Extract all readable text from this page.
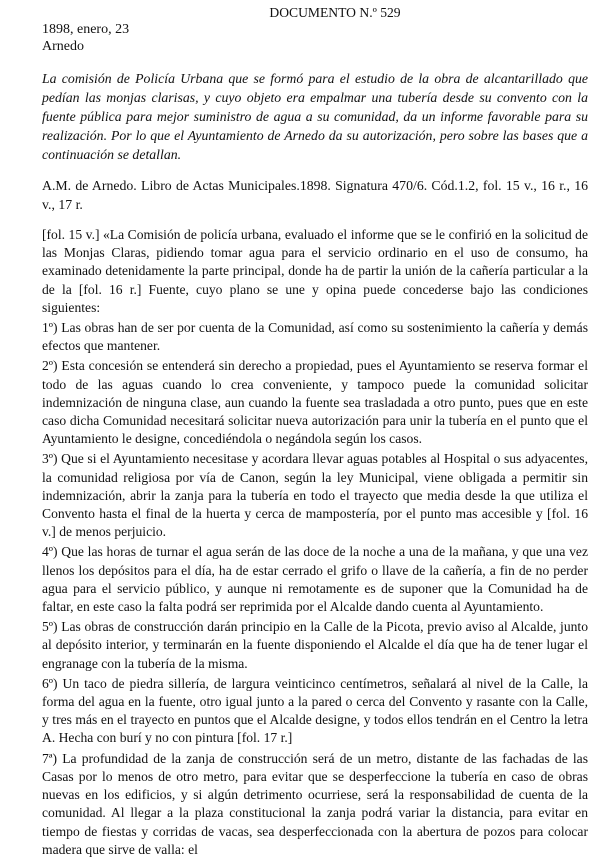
DOCUMENTO N.º 529

1898, enero, 23

Arnedo

La comisión de Policía Urbana que se formó para el estudio de la obra de alcantarillado que pedían las monjas clarisas, y cuyo objeto era empalmar una tubería desde su convento con la fuente pública para mejor suministro de agua a su comunidad, da un informe favorable para su realización. Por lo que el Ayuntamiento de Arnedo da su autorización, pero sobre las bases que a continuación se detallan.

A.M. de Arnedo. Libro de Actas Municipales.1898. Signatura 470/6. Cód.1.2, fol. 15 v., 16 r., 16 v., 17 r.

[fol. 15 v.] «La Comisión de policía urbana, evaluado el informe que se le confirió en la solicitud de las Monjas Claras, pidiendo tomar agua para el servicio ordinario en el uso de consumo, ha examinado detenidamente la parte principal, donde ha de partir la unión de la cañería particular a la de la [fol. 16 r.] Fuente, cuyo plano se une y opina puede concederse bajo las condiciones siguientes:

1º) Las obras han de ser por cuenta de la Comunidad, así como su sostenimiento la cañería y demás efectos que mantener.

2º) Esta concesión se entenderá sin derecho a propiedad, pues el Ayuntamiento se reserva formar el todo de las aguas cuando lo crea conveniente, y tampoco puede la comunidad solicitar indemnización de ninguna clase, aun cuando la fuente sea trasladada a otro punto, pues que en este caso dicha Comunidad necesitará solicitar nueva autorización para unir la tubería en el punto que el Ayuntamiento le designe, concediéndola o negándola según los casos.

3º) Que si el Ayuntamiento necesitase y acordara llevar aguas potables al Hospital o sus adyacentes, la comunidad religiosa por vía de Canon, según la ley Municipal, viene obligada a permitir sin indemnización, abrir la zanja para la tubería en todo el trayecto que media desde la que utiliza el Convento hasta el final de la huerta y cerca de mampostería, por el punto mas accesible y [fol. 16 v.] de menos perjuicio.

4º) Que las horas de turnar el agua serán de las doce de la noche a una de la mañana, y que una vez llenos los depósitos para el día, ha de estar cerrado el grifo o llave de la cañería, a fin de no perder agua para el servicio público, y aunque ni remotamente es de suponer que la Comunidad ha de faltar, en este caso la falta podrá ser reprimida por el Alcalde dando cuenta al Ayuntamiento.

5º) Las obras de construcción darán principio en la Calle de la Picota, previo aviso al Alcalde, junto al depósito interior, y terminarán en la fuente disponiendo el Alcalde el día que ha de tener lugar el engranage con la tubería de la misma.

6º) Un taco de piedra sillería, de largura veinticinco centímetros, señalará al nivel de la Calle, la forma del agua en la fuente, otro igual junto a la pared o cerca del Convento y rasante con la Calle, y tres más en el trayecto en puntos que el Alcalde designe, y todos ellos tendrán en el Centro la letra A. Hecha con burí y no con pintura [fol. 17 r.]

7ª) La profundidad de la zanja de construcción será de un metro, distante de las fachadas de las Casas por lo menos de otro metro, para evitar que se desperfeccione la tubería en caso de obras nuevas en los edificios, y si algún detrimento ocurriese, será la responsabilidad de cuenta de la comunidad. Al llegar a la plaza constitucional la zanja podrá variar la distancia, para evitar en tiempo de fiestas y corridas de vacas, sea desperfeccionada con la abertura de pozos para colocar madera que sirve de valla: el
